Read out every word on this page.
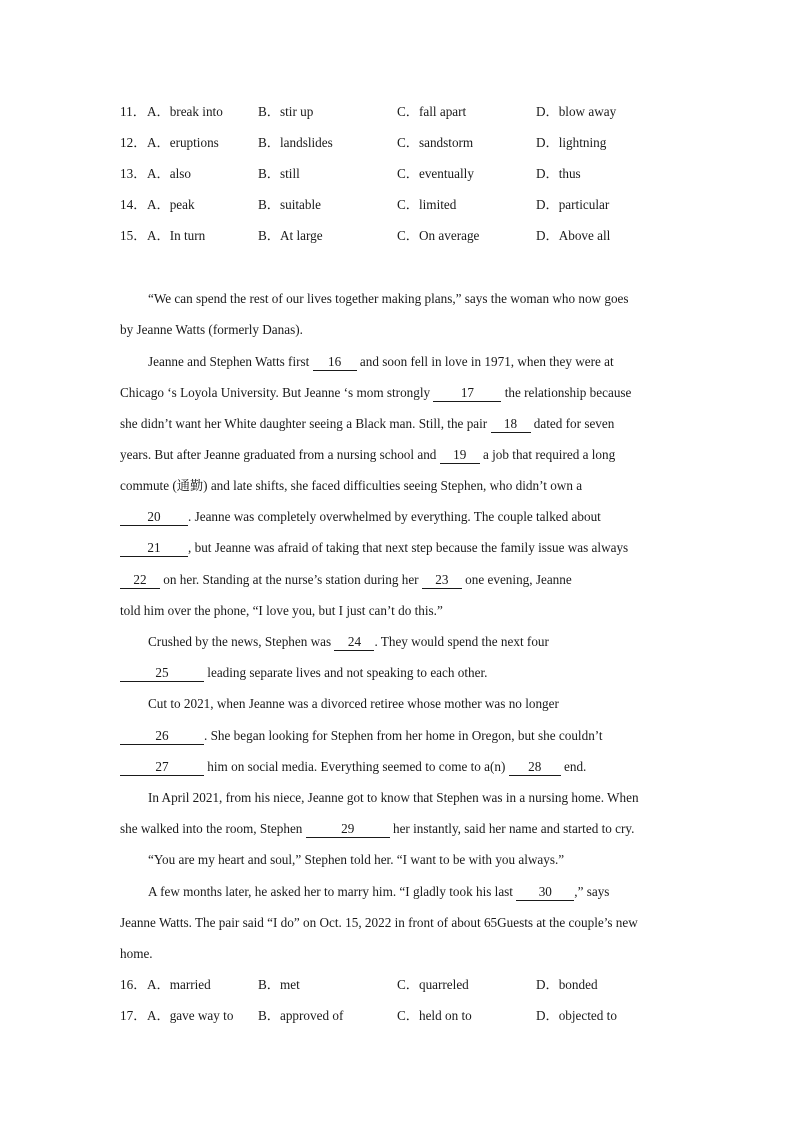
11． A．break into	B．stir up	C．fall apart	D．blow away
12． A．eruptions	B．landslides	C．sandstorm	D．lightning
13． A．also	B．still	C．eventually	D．thus
14． A．peak	B．suitable	C．limited	D．particular
15． A．In turn	B．At large	C．On average	D．Above all
“We can spend the rest of our lives together making plans,” says the woman who now goes
by Jeanne Watts (formerly Danas).
Jeanne and Stephen Watts first 16 and soon fell in love in 1971, when they were at
Chicago ‘s Loyola University. But Jeanne ‘s mom strongly 17 the relationship because
she didn’t want her White daughter seeing a Black man. Still, the pair 18 dated for seven
years. But after Jeanne graduated from a nursing school and 19 a job that required a long
commute (通勤) and late shifts, she faced difficulties seeing Stephen, who didn’t own a
20 . Jeanne was completely overwhelmed by everything. The couple talked about
21 , but Jeanne was afraid of taking that next step because the family issue was always
22 on her. Standing at the nurse’s station during her 23 one evening, Jeanne
told him over the phone, “I love you, but I just can’t do this.”
Crushed by the news, Stephen was 24 . They would spend the next four
25	leading separate lives and not speaking to each other.
Cut to 2021, when Jeanne was a divorced retiree whose mother was no longer
26	. She began looking for Stephen from her home in Oregon, but she couldn’t
27	him on social media. Everything seemed to come to a(n) 28 end.
In April 2021, from his niece, Jeanne got to know that Stephen was in a nursing home. When
she walked into the room, Stephen	29	her instantly, said her name and started to cry.
“You are my heart and soul,” Stephen told her. “I want to be with you always.”
A few months later, he asked her to marry him. “I gladly took his last 30 ,” says
Jeanne Watts. The pair said “I do” on Oct. 15, 2022 in front of about 65Guests at the couple’s new
home.
16． A．married	B．met	C．quarreled	D．bonded
17． A．gave way to B．approved of	C．held on to	D．objected to
